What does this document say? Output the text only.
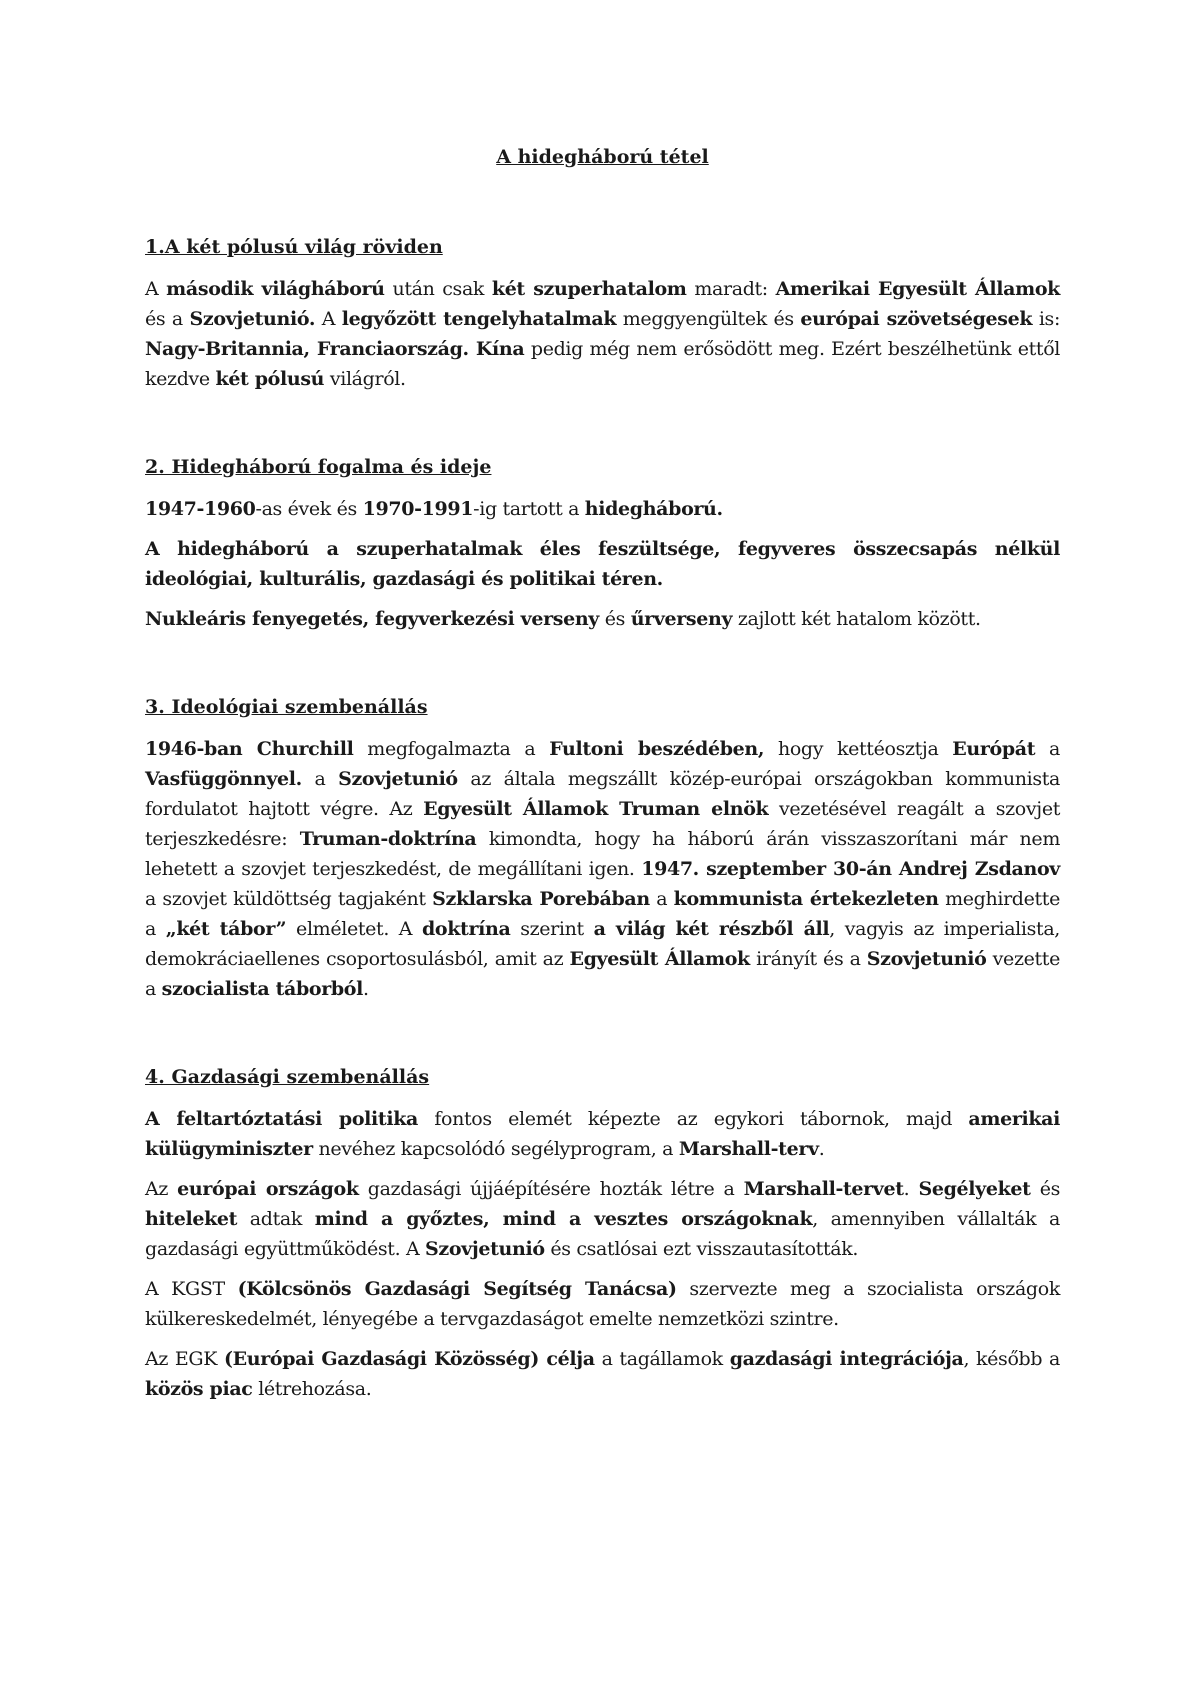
A hidegháború tétel
1.A két pólusú világ röviden

A második világháború után csak két szuperhatalom maradt: Amerikai Egyesült Államok és a Szovjetunió. A legyőzött tengelyhatalmak meggyengültek és európai szövetségesek is: Nagy-Britannia, Franciaország. Kína pedig még nem erősödött meg. Ezért beszélhetünk ettől kezdve két pólusú világról.

2. Hidegháború fogalma és ideje

1947-1960-as évek és 1970-1991-ig tartott a hidegháború.

A hidegháború a szuperhatalmak éles feszültsége, fegyveres összecsapás nélkül ideológiai, kulturális, gazdasági és politikai téren.

Nukleáris fenyegetés, fegyverkezési verseny és űrverseny zajlott két hatalom között.

3. Ideológiai szembenállás

1946-ban Churchill megfogalmazta a Fultoni beszédében, hogy kettéosztja Európát a Vasfüggönnyel. a Szovjetunió az általa megszállt közép-európai országokban kommunista fordulatot hajtott végre. Az Egyesült Államok Truman elnök vezetésével reagált a szovjet terjeszkedésre: Truman-doktrína kimondta, hogy ha háború árán visszaszorítani már nem lehetett a szovjet terjeszkedést, de megállítani igen. 1947. szeptember 30-án Andrej Zsdanov a szovjet küldöttség tagjaként Szklarska Porebában a kommunista értekezleten meghirdette a „két tábor” elméletet. A doktrína szerint a világ két részből áll, vagyis az imperialista, demokráciaellenes csoportosulásból, amit az Egyesült Államok irányít és a Szovjetunió vezette a szocialista táborból.

4. Gazdasági szembenállás

A feltartóztatási politika fontos elemét képezte az egykori tábornok, majd amerikai külügyminiszter nevéhez kapcsolódó segélyprogram, a Marshall-terv.

Az európai országok gazdasági újjáépítésére hozták létre a Marshall-tervet. Segélyeket és hiteleket adtak mind a győztes, mind a vesztes országoknak, amennyiben vállalták a gazdasági együttműködést. A Szovjetunió és csatlósai ezt visszautasították.

A KGST (Kölcsönös Gazdasági Segítség Tanácsa) szervezte meg a szocialista országok külkereskedelmét, lényegébe a tervgazdaságot emelte nemzetközi szintre.

Az EGK (Európai Gazdasági Közösség) célja a tagállamok gazdasági integrációja, később a közös piac létrehozása.
